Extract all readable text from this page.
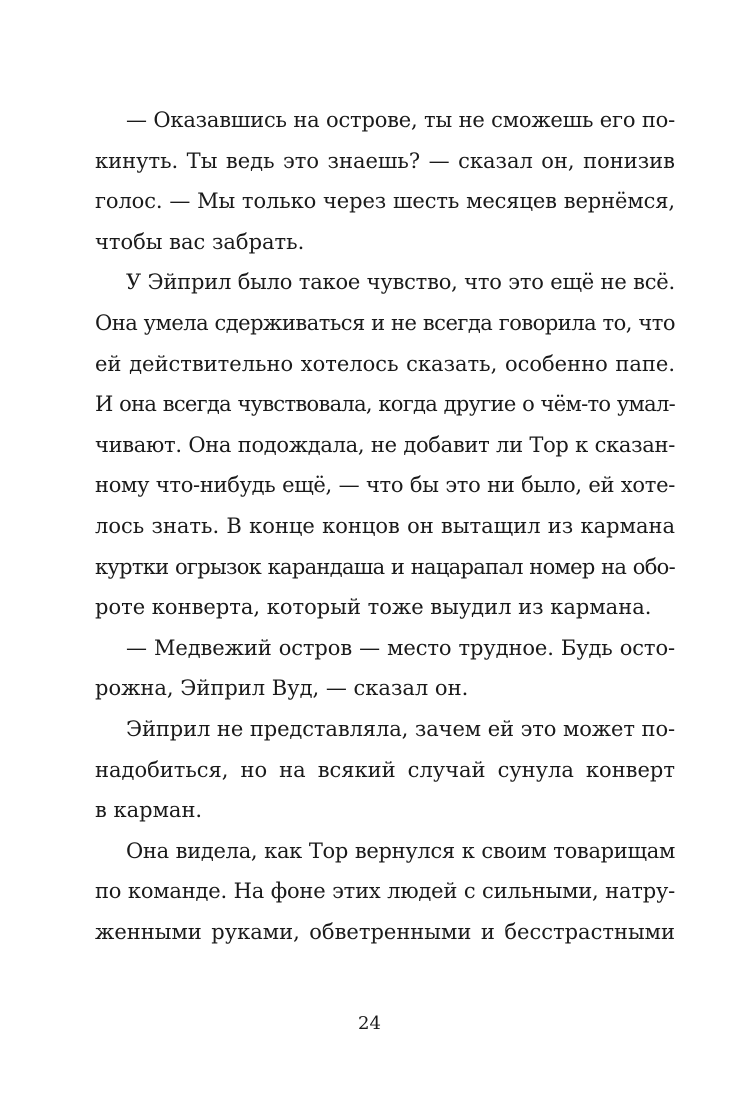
— Оказавшись на острове, ты не сможешь его по-
кинуть. Ты ведь это знаешь? — сказал он, понизив
голос. — Мы только через шесть месяцев вернёмся,
чтобы вас забрать.
У Эйприл было такое чувство, что это ещё не всё.
Она умела сдерживаться и не всегда говорила то, что
ей действительно хотелось сказать, особенно папе.
И она всегда чувствовала, когда другие о чём-то умал-
чивают. Она подождала, не добавит ли Тор к сказан-
ному что-нибудь ещё, — что бы это ни было, ей хоте-
лось знать. В конце концов он вытащил из кармана
куртки огрызок карандаша и нацарапал номер на обо-
роте конверта, который тоже выудил из кармана.
— Медвежий остров — место трудное. Будь осто-
рожна, Эйприл Вуд, — сказал он.
Эйприл не представляла, зачем ей это может по-
надобиться, но на всякий случай сунула конверт
в карман.
Она видела, как Тор вернулся к своим товарищам
по команде. На фоне этих людей с сильными, натру-
женными руками, обветренными и бесстрастными
24
